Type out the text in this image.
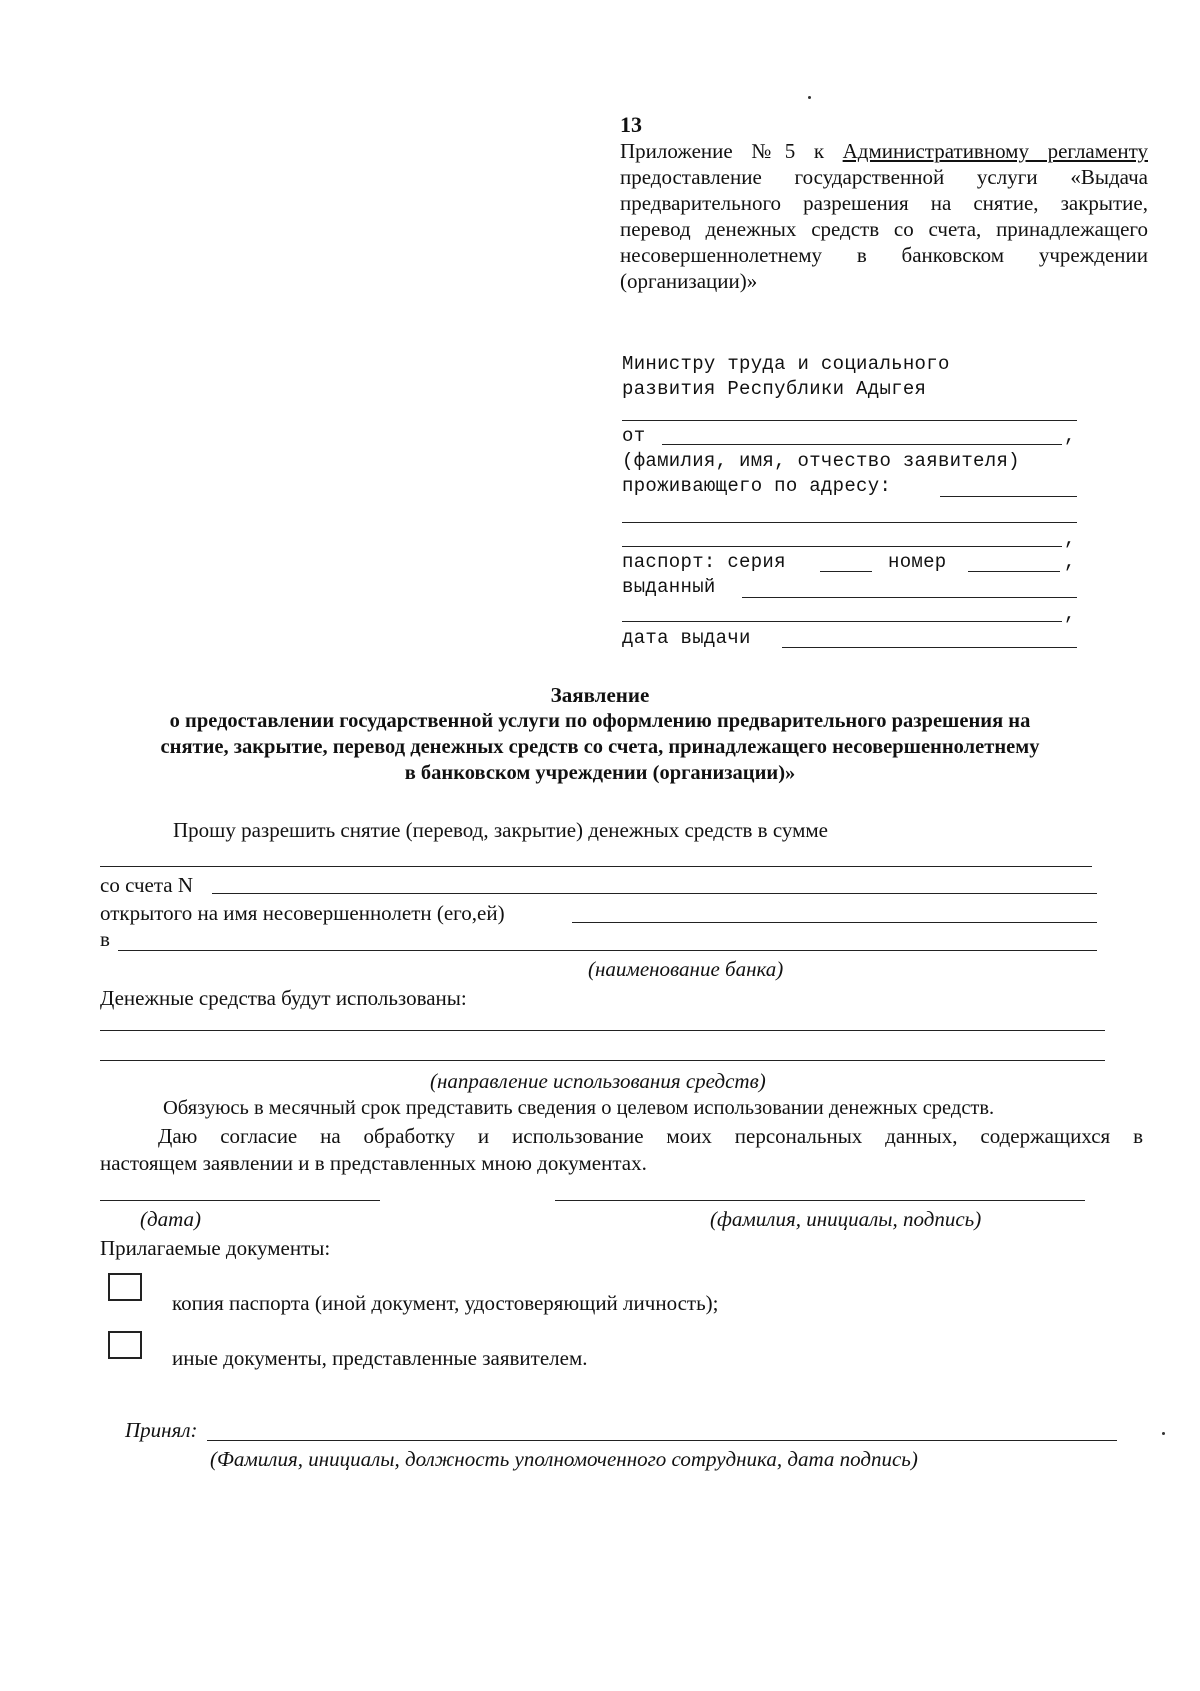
13
Приложение №5 к Административному регламенту
предоставление государственной услуги «Выдача
предварительного разрешения на снятие, закрытие,
перевод денежных средств со счета, принадлежащего
несовершеннолетнему в банковском учреждении
(организации)»
Министру труда и социального
развития Республики Адыгея
от	,
(фамилия, имя, отчество заявителя)
проживающего по адресу:
,
паспорт: серия	номер	,
выданный
,
дата выдачи
Заявление
о предоставлении государственной услуги по оформлению предварительного разрешения на
снятие, закрытие, перевод денежных средств со счета, принадлежащего несовершеннолетнему
в банковском учреждении (организации)»
Прошу разрешить снятие (перевод, закрытие) денежных средств в сумме
со счета N
открытого на имя несовершеннолетн (его,ей)
в
(наименование банка)
Денежные средства будут использованы:
(направление использования средств)
Обязуюсь в месячный срок представить сведения о целевом использовании денежных средств.
Даю согласие на обработку и использование моих персональных данных, содержащихся в
настоящем заявлении и в представленных мною документах.
(дата)	(фамилия, инициалы, подпись)
Прилагаемые документы:
копия паспорта (иной документ, удостоверяющий личность);
иные документы, представленные заявителем.
Принял:
(Фамилия, инициалы, должность уполномоченного сотрудника, дата подпись)
